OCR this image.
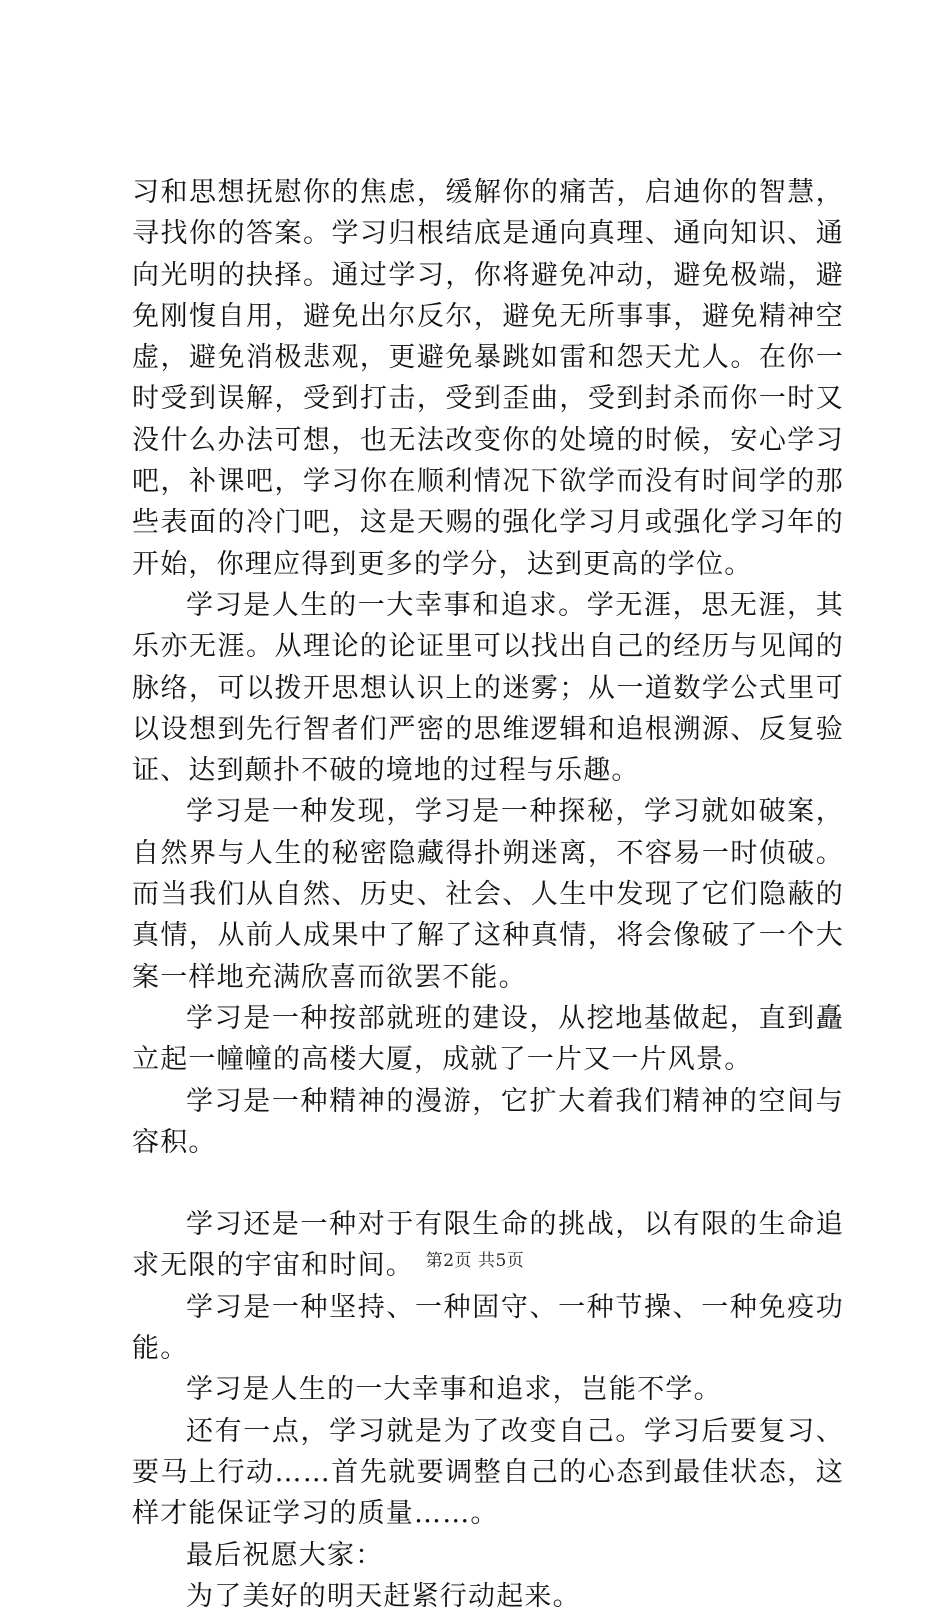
习和思想抚慰你的焦虑，缓解你的痛苦，启迪你的智慧，寻找你的答案。学习归根结底是通向真理、通向知识、通向光明的抉择。通过学习，你将避免冲动，避免极端，避免刚愎自用，避免出尔反尔，避免无所事事，避免精神空虚，避免消极悲观，更避免暴跳如雷和怨天尤人。在你一时受到误解，受到打击，受到歪曲，受到封杀而你一时又没什么办法可想，也无法改变你的处境的时候，安心学习吧，补课吧，学习你在顺利情况下欲学而没有时间学的那些表面的冷门吧，这是天赐的强化学习月或强化学习年的开始，你理应得到更多的学分，达到更高的学位。

学习是人生的一大幸事和追求。学无涯，思无涯，其乐亦无涯。从理论的论证里可以找出自己的经历与见闻的脉络，可以拨开思想认识上的迷雾；从一道数学公式里可以设想到先行智者们严密的思维逻辑和追根溯源、反复验证、达到颠扑不破的境地的过程与乐趣。

学习是一种发现，学习是一种探秘，学习就如破案，自然界与人生的秘密隐藏得扑朔迷离，不容易一时侦破。而当我们从自然、历史、社会、人生中发现了它们隐蔽的真情，从前人成果中了解了这种真情，将会像破了一个大案一样地充满欣喜而欲罢不能。

学习是一种按部就班的建设，从挖地基做起，直到矗立起一幢幢的高楼大厦，成就了一片又一片风景。

学习是一种精神的漫游，它扩大着我们精神的空间与容积。

学习还是一种对于有限生命的挑战，以有限的生命追求无限的宇宙和时间。

学习是一种坚持、一种固守、一种节操、一种免疫功能。

学习是人生的一大幸事和追求，岂能不学。

还有一点，学习就是为了改变自己。学习后要复习、要马上行动……首先就要调整自己的心态到最佳状态，这样才能保证学习的质量……。

最后祝愿大家：

为了美好的明天赶紧行动起来。

第2页 共5页
